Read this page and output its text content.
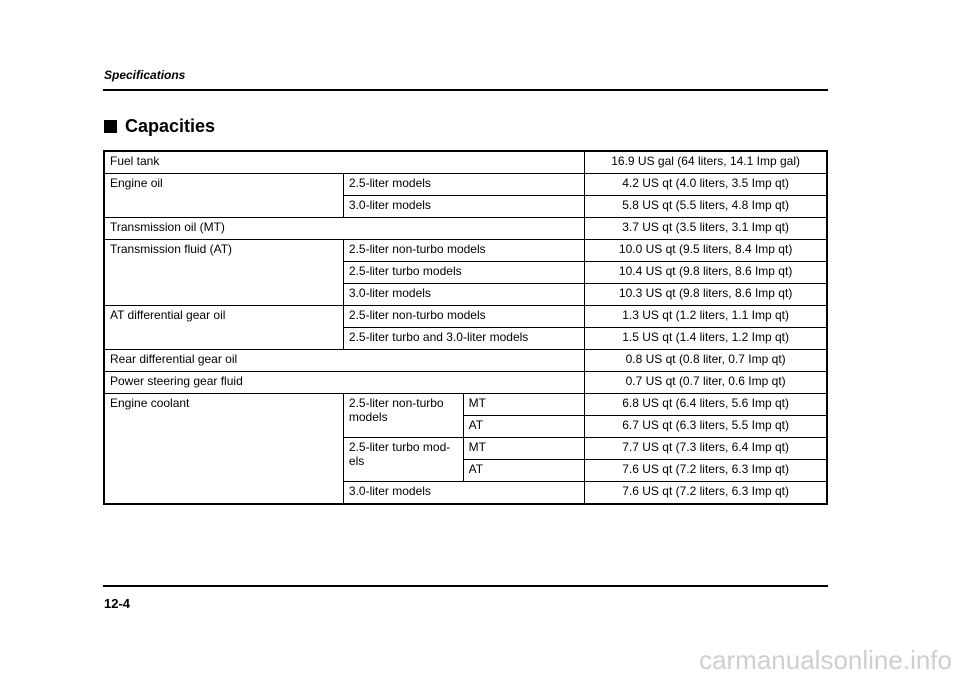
Specifications
Capacities
Fuel tank			16.9 US gal (64 liters, 14.1 Imp gal)
Engine oil	2.5-liter models		4.2 US qt (4.0 liters, 3.5 Imp qt)
	3.0-liter models		5.8 US qt (5.5 liters, 4.8 Imp qt)
Transmission oil (MT)			3.7 US qt (3.5 liters, 3.1 Imp qt)
Transmission fluid (AT)	2.5-liter non-turbo models		10.0 US qt (9.5 liters, 8.4 Imp qt)
	2.5-liter turbo models		10.4 US qt (9.8 liters, 8.6 Imp qt)
	3.0-liter models		10.3 US qt (9.8 liters, 8.6 Imp qt)
AT differential gear oil	2.5-liter non-turbo models		1.3 US qt (1.2 liters, 1.1 Imp qt)
	2.5-liter turbo and 3.0-liter models		1.5 US qt (1.4 liters, 1.2 Imp qt)
Rear differential gear oil			0.8 US qt (0.8 liter, 0.7 Imp qt)
Power steering gear fluid			0.7 US qt (0.7 liter, 0.6 Imp qt)
Engine coolant	2.5-liter non-turbo models	MT	6.8 US qt (6.4 liters, 5.6 Imp qt)
		AT	6.7 US qt (6.3 liters, 5.5 Imp qt)
	2.5-liter turbo mod-els	MT	7.7 US qt (7.3 liters, 6.4 Imp qt)
		AT	7.6 US qt (7.2 liters, 6.3 Imp qt)
	3.0-liter models		7.6 US qt (7.2 liters, 6.3 Imp qt)
12-4
carmanualsonline.info
